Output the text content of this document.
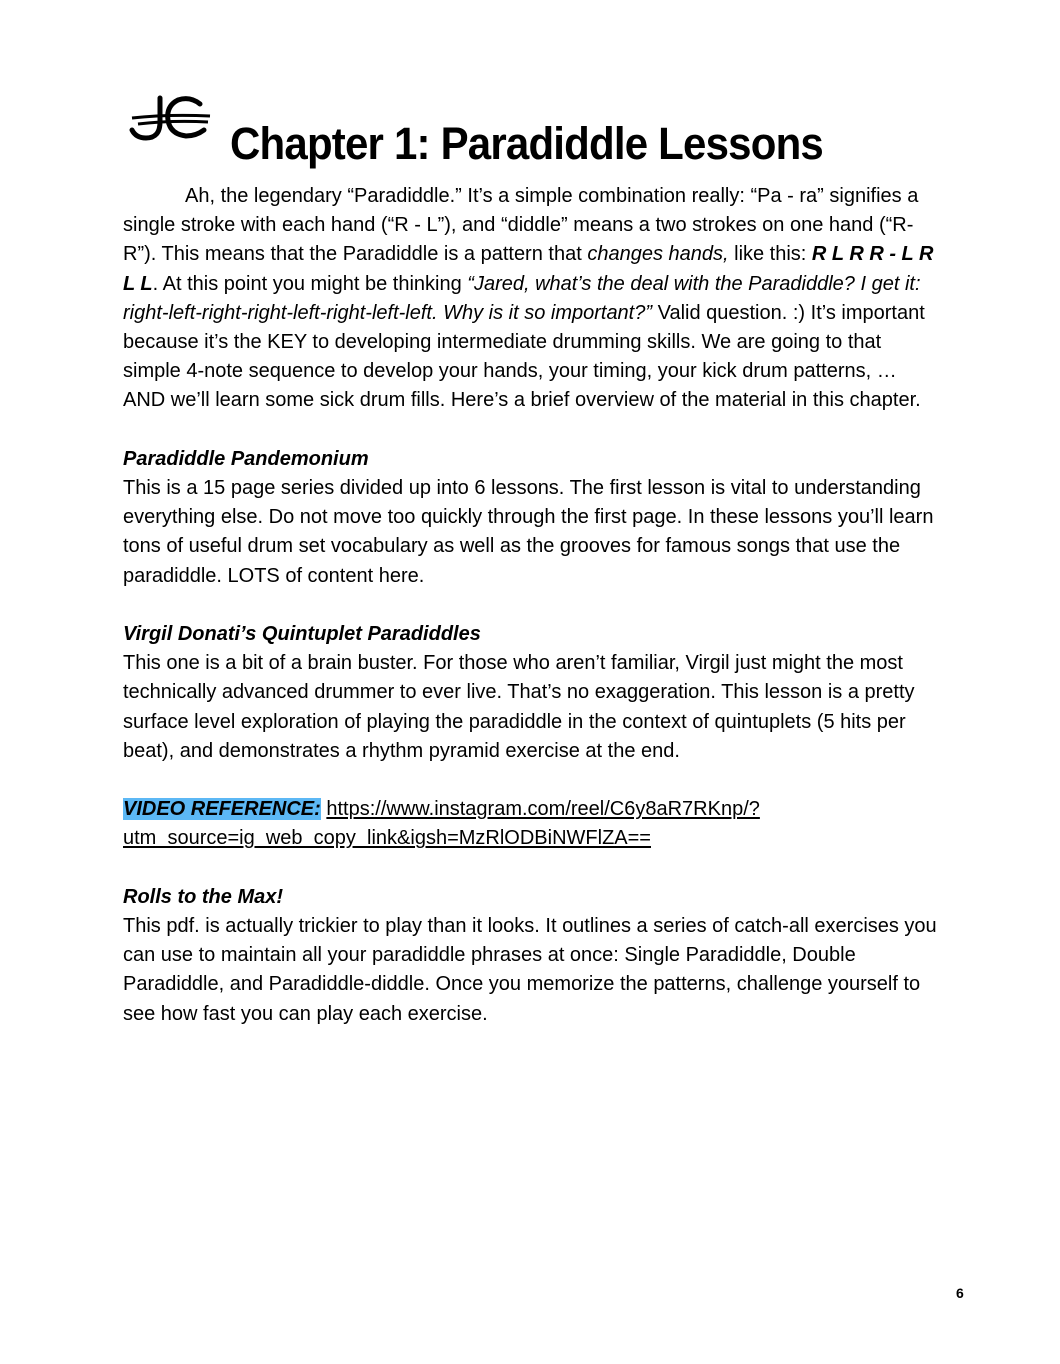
Chapter 1: Paradiddle Lessons

Ah, the legendary “Paradiddle.” It’s a simple combination really: “Pa - ra” signifies a single stroke with each hand (“R - L”), and “diddle” means a two strokes on one hand (“R-R”). This means that the Paradiddle is a pattern that changes hands, like this: R L R R - L R L L. At this point you might be thinking “Jared, what’s the deal with the Paradiddle? I get it: right-left-right-right-left-right-left-left. Why is it so important?” Valid question. :) It’s important because it’s the KEY to developing intermediate drumming skills. We are going to that simple 4-note sequence to develop your hands, your timing, your kick drum patterns, …AND we’ll learn some sick drum fills. Here’s a brief overview of the material in this chapter.

Paradiddle Pandemonium
This is a 15 page series divided up into 6 lessons. The first lesson is vital to understanding everything else. Do not move too quickly through the first page. In these lessons you’ll learn tons of useful drum set vocabulary as well as the grooves for famous songs that use the paradiddle. LOTS of content here.

Virgil Donati’s Quintuplet Paradiddles
This one is a bit of a brain buster. For those who aren’t familiar, Virgil just might the most technically advanced drummer to ever live. That’s no exaggeration. This lesson is a pretty surface level exploration of playing the paradiddle in the context of quintuplets (5 hits per beat), and demonstrates a rhythm pyramid exercise at the end.

VIDEO REFERENCE: https://www.instagram.com/reel/C6y8aR7RKnp/?
utm_source=ig_web_copy_link&igsh=MzRlODBiNWFlZA==

Rolls to the Max!
This pdf. is actually trickier to play than it looks. It outlines a series of catch-all exercises you can use to maintain all your paradiddle phrases at once: Single Paradiddle, Double Paradiddle, and Paradiddle-diddle. Once you memorize the patterns, challenge yourself to see how fast you can play each exercise.

6
